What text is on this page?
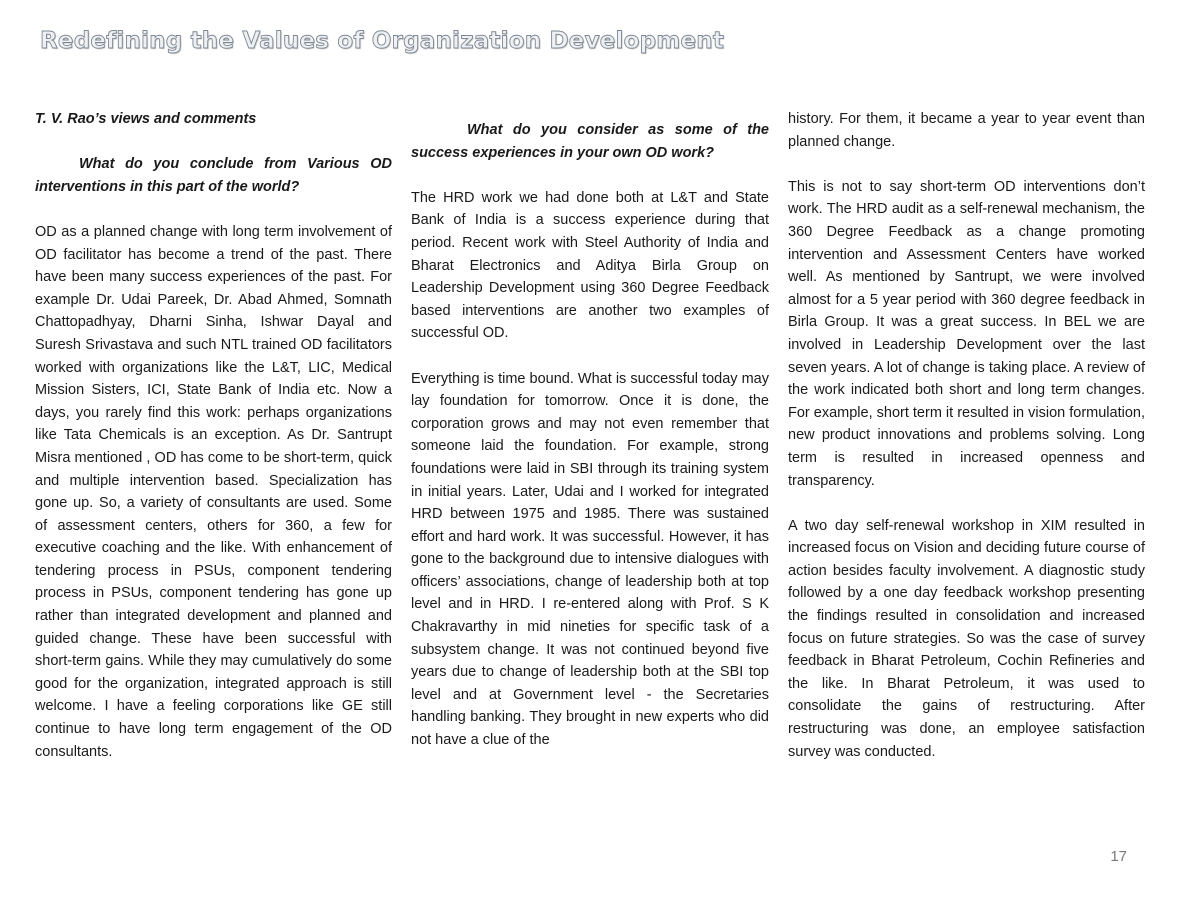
Redefining the Values of Organization Development

T. V. Rao’s views and comments

What do you conclude from Various OD interventions in this part of the world?

OD as a planned change with long term involvement of OD facilitator has become a trend of the past. There have been many success experiences of the past. For example Dr. Udai Pareek, Dr. Abad Ahmed, Somnath Chattopadhyay, Dharni Sinha, Ishwar Dayal and Suresh Srivastava and such NTL trained OD facilitators worked with organizations like the L&T, LIC, Medical Mission Sisters, ICI, State Bank of India etc. Now a days, you rarely find this work: perhaps organizations like Tata Chemicals is an exception. As Dr. Santrupt Misra mentioned , OD has come to be short-term, quick and multiple intervention based. Specialization has gone up. So, a variety of consultants are used. Some of assessment centers, others for 360, a few for executive coaching and the like. With enhancement of tendering process in PSUs, component tendering process in PSUs, component tendering has gone up rather than integrated development and planned and guided change. These have been successful with short-term gains. While they may cumulatively do some good for the organization, integrated approach is still welcome. I have a feeling corporations like GE still continue to have long term engagement of the OD consultants.

What do you consider as some of the success experiences in your own OD work?

The HRD work we had done both at L&T and State Bank of India is a success experience during that period. Recent work with Steel Authority of India and Bharat Electronics and Aditya Birla Group on Leadership Development using 360 Degree Feedback based interventions are another two examples of successful OD.

Everything is time bound. What is successful today may lay foundation for tomorrow. Once it is done, the corporation grows and may not even remember that someone laid the foundation. For example, strong foundations were laid in SBI through its training system in initial years. Later, Udai and I worked for integrated HRD between 1975 and 1985. There was sustained effort and hard work. It was successful. However, it has gone to the background due to intensive dialogues with officers’ associations, change of leadership both at top level and in HRD. I re-entered along with Prof. S K Chakravarthy in mid nineties for specific task of a subsystem change. It was not continued beyond five years due to change of leadership both at the SBI top level and at Government level - the Secretaries handling banking. They brought in new experts who did not have a clue of the

history. For them, it became a year to year event than planned change.

This is not to say short-term OD interventions don’t work. The HRD audit as a self-renewal mechanism, the 360 Degree Feedback as a change promoting intervention and Assessment Centers have worked well. As mentioned by Santrupt, we were involved almost for a 5 year period with 360 degree feedback in Birla Group. It was a great success. In BEL we are involved in Leadership Development over the last seven years. A lot of change is taking place. A review of the work indicated both short and long term changes. For example, short term it resulted in vision formulation, new product innovations and problems solving. Long term is resulted in increased openness and transparency.

A two day self-renewal workshop in XIM resulted in increased focus on Vision and deciding future course of action besides faculty involvement. A diagnostic study followed by a one day feedback workshop presenting the findings resulted in consolidation and increased focus on future strategies. So was the case of survey feedback in Bharat Petroleum, Cochin Refineries and the like. In Bharat Petroleum, it was used to consolidate the gains of restructuring. After restructuring was done, an employee satisfaction survey was conducted.

17
